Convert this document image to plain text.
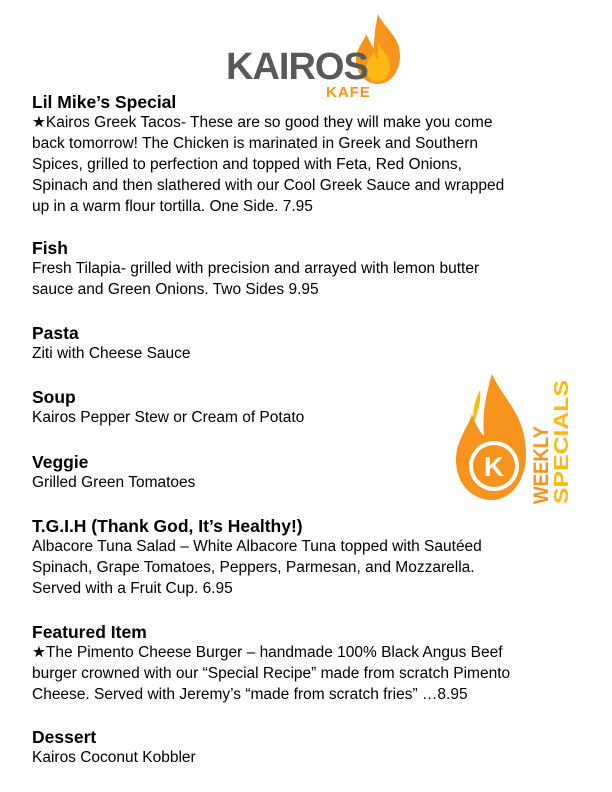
KAIROS
KAFE
Lil Mike’s Special

★Kairos Greek Tacos- These are so good they will make you come

back tomorrow! The Chicken is marinated in Greek and Southern

Spices, grilled to perfection and topped with Feta, Red Onions,

Spinach and then slathered with our Cool Greek Sauce and wrapped

up in a warm flour tortilla. One Side. 7.95

Fish

Fresh Tilapia- grilled with precision and arrayed with lemon butter

sauce and Green Onions. Two Sides 9.95

Pasta

Ziti with Cheese Sauce

Soup

Kairos Pepper Stew or Cream of Potato

Veggie

Grilled Green Tomatoes

T.G.I.H (Thank God, It’s Healthy!)

Albacore Tuna Salad – White Albacore Tuna topped with Sautéed

Spinach, Grape Tomatoes, Peppers, Parmesan, and Mozzarella.

Served with a Fruit Cup. 6.95

Featured Item

★The Pimento Cheese Burger – handmade 100% Black Angus Beef

burger crowned with our “Special Recipe” made from scratch Pimento

Cheese. Served with Jeremy’s “made from scratch fries” …8.95

Dessert

Kairos Coconut Kobbler

K WEEKLY
SPECIALS
